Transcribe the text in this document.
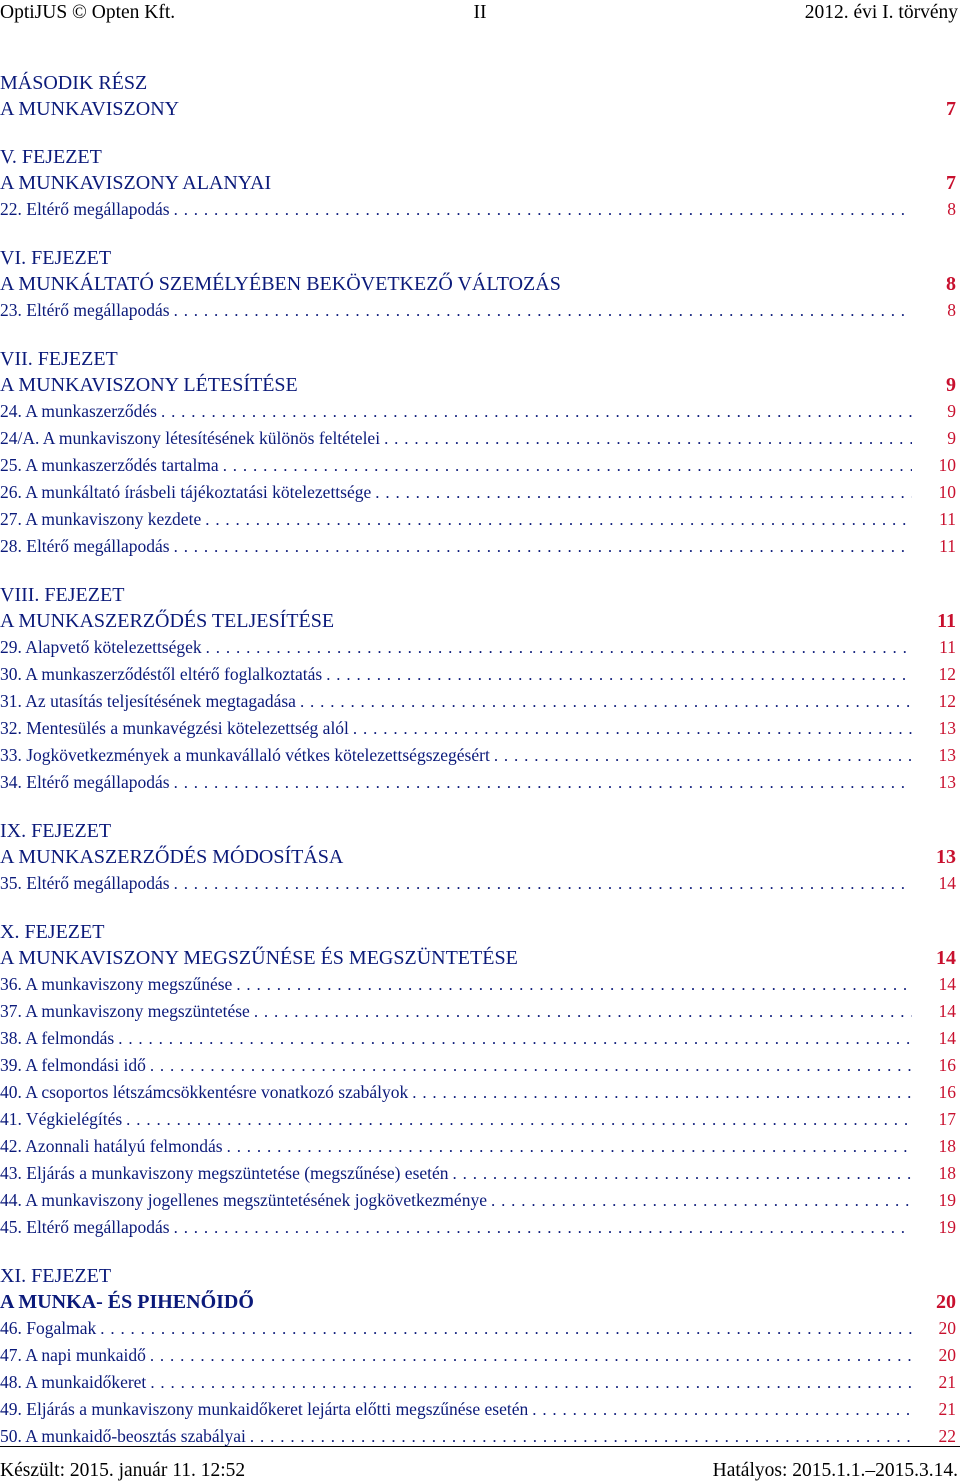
OptiJUS © Opten Kft.	II	2012. évi I. törvény
MÁSODIK RÉSZ
A MUNKAVISZONY	7
V. FEJEZET
A MUNKAVISZONY ALANYAI	7
22. Eltérő megállapodás . . .	8
VI. FEJEZET
A MUNKÁLTATÓ SZEMÉLYÉBEN BEKÖVETKEZŐ VÁLTOZÁS	8
23. Eltérő megállapodás . . .	8
VII. FEJEZET
A MUNKAVISZONY LÉTESÍTÉSE	9
24. A munkaszerződés . . .	9
24/A. A munkaviszony létesítésének különös feltételei . . .	9
25. A munkaszerződés tartalma . . .	10
26. A munkáltató írásbeli tájékoztatási kötelezettsége . . .	10
27. A munkaviszony kezdete . . .	11
28. Eltérő megállapodás . . .	11
VIII. FEJEZET
A MUNKASZERZŐDÉS TELJESÍTÉSE	11
29. Alapvető kötelezettségek . . .	11
30. A munkaszerződéstől eltérő foglalkoztatás . . .	12
31. Az utasítás teljesítésének megtagadása . . .	12
32. Mentesülés a munkavégzési kötelezettség alól . . .	13
33. Jogkövetkezmények a munkavállaló vétkes kötelezettségszegésért . . .	13
34. Eltérő megállapodás . . .	13
IX. FEJEZET
A MUNKASZERZŐDÉS MÓDOSÍTÁSA	13
35. Eltérő megállapodás . . .	14
X. FEJEZET
A MUNKAVISZONY MEGSZŰNÉSE ÉS MEGSZÜNTETÉSE	14
36. A munkaviszony megszűnése . . .	14
37. A munkaviszony megszüntetése . . .	14
38. A felmondás . . .	14
39. A felmondási idő . . .	16
40. A csoportos létszámcsökkentésre vonatkozó szabályok . . .	16
41. Végkielégítés . . .	17
42. Azonnali hatályú felmondás . . .	18
43. Eljárás a munkaviszony megszüntetése (megszűnése) esetén . . .	18
44. A munkaviszony jogellenes megszüntetésének jogkövetkezménye . . .	19
45. Eltérő megállapodás . . .	19
XI. FEJEZET
A MUNKA- ÉS PIHENŐIDŐ	20
46. Fogalmak . . .	20
47. A napi munkaidő . . .	20
48. A munkaidőkeret . . .	21
49. Eljárás a munkaviszony munkaidőkeret lejárta előtti megszűnése esetén . . .	21
50. A munkaidő-beosztás szabályai . . .	22
Készült: 2015. január 11. 12:52	Hatályos: 2015.1.1.–2015.3.14.
